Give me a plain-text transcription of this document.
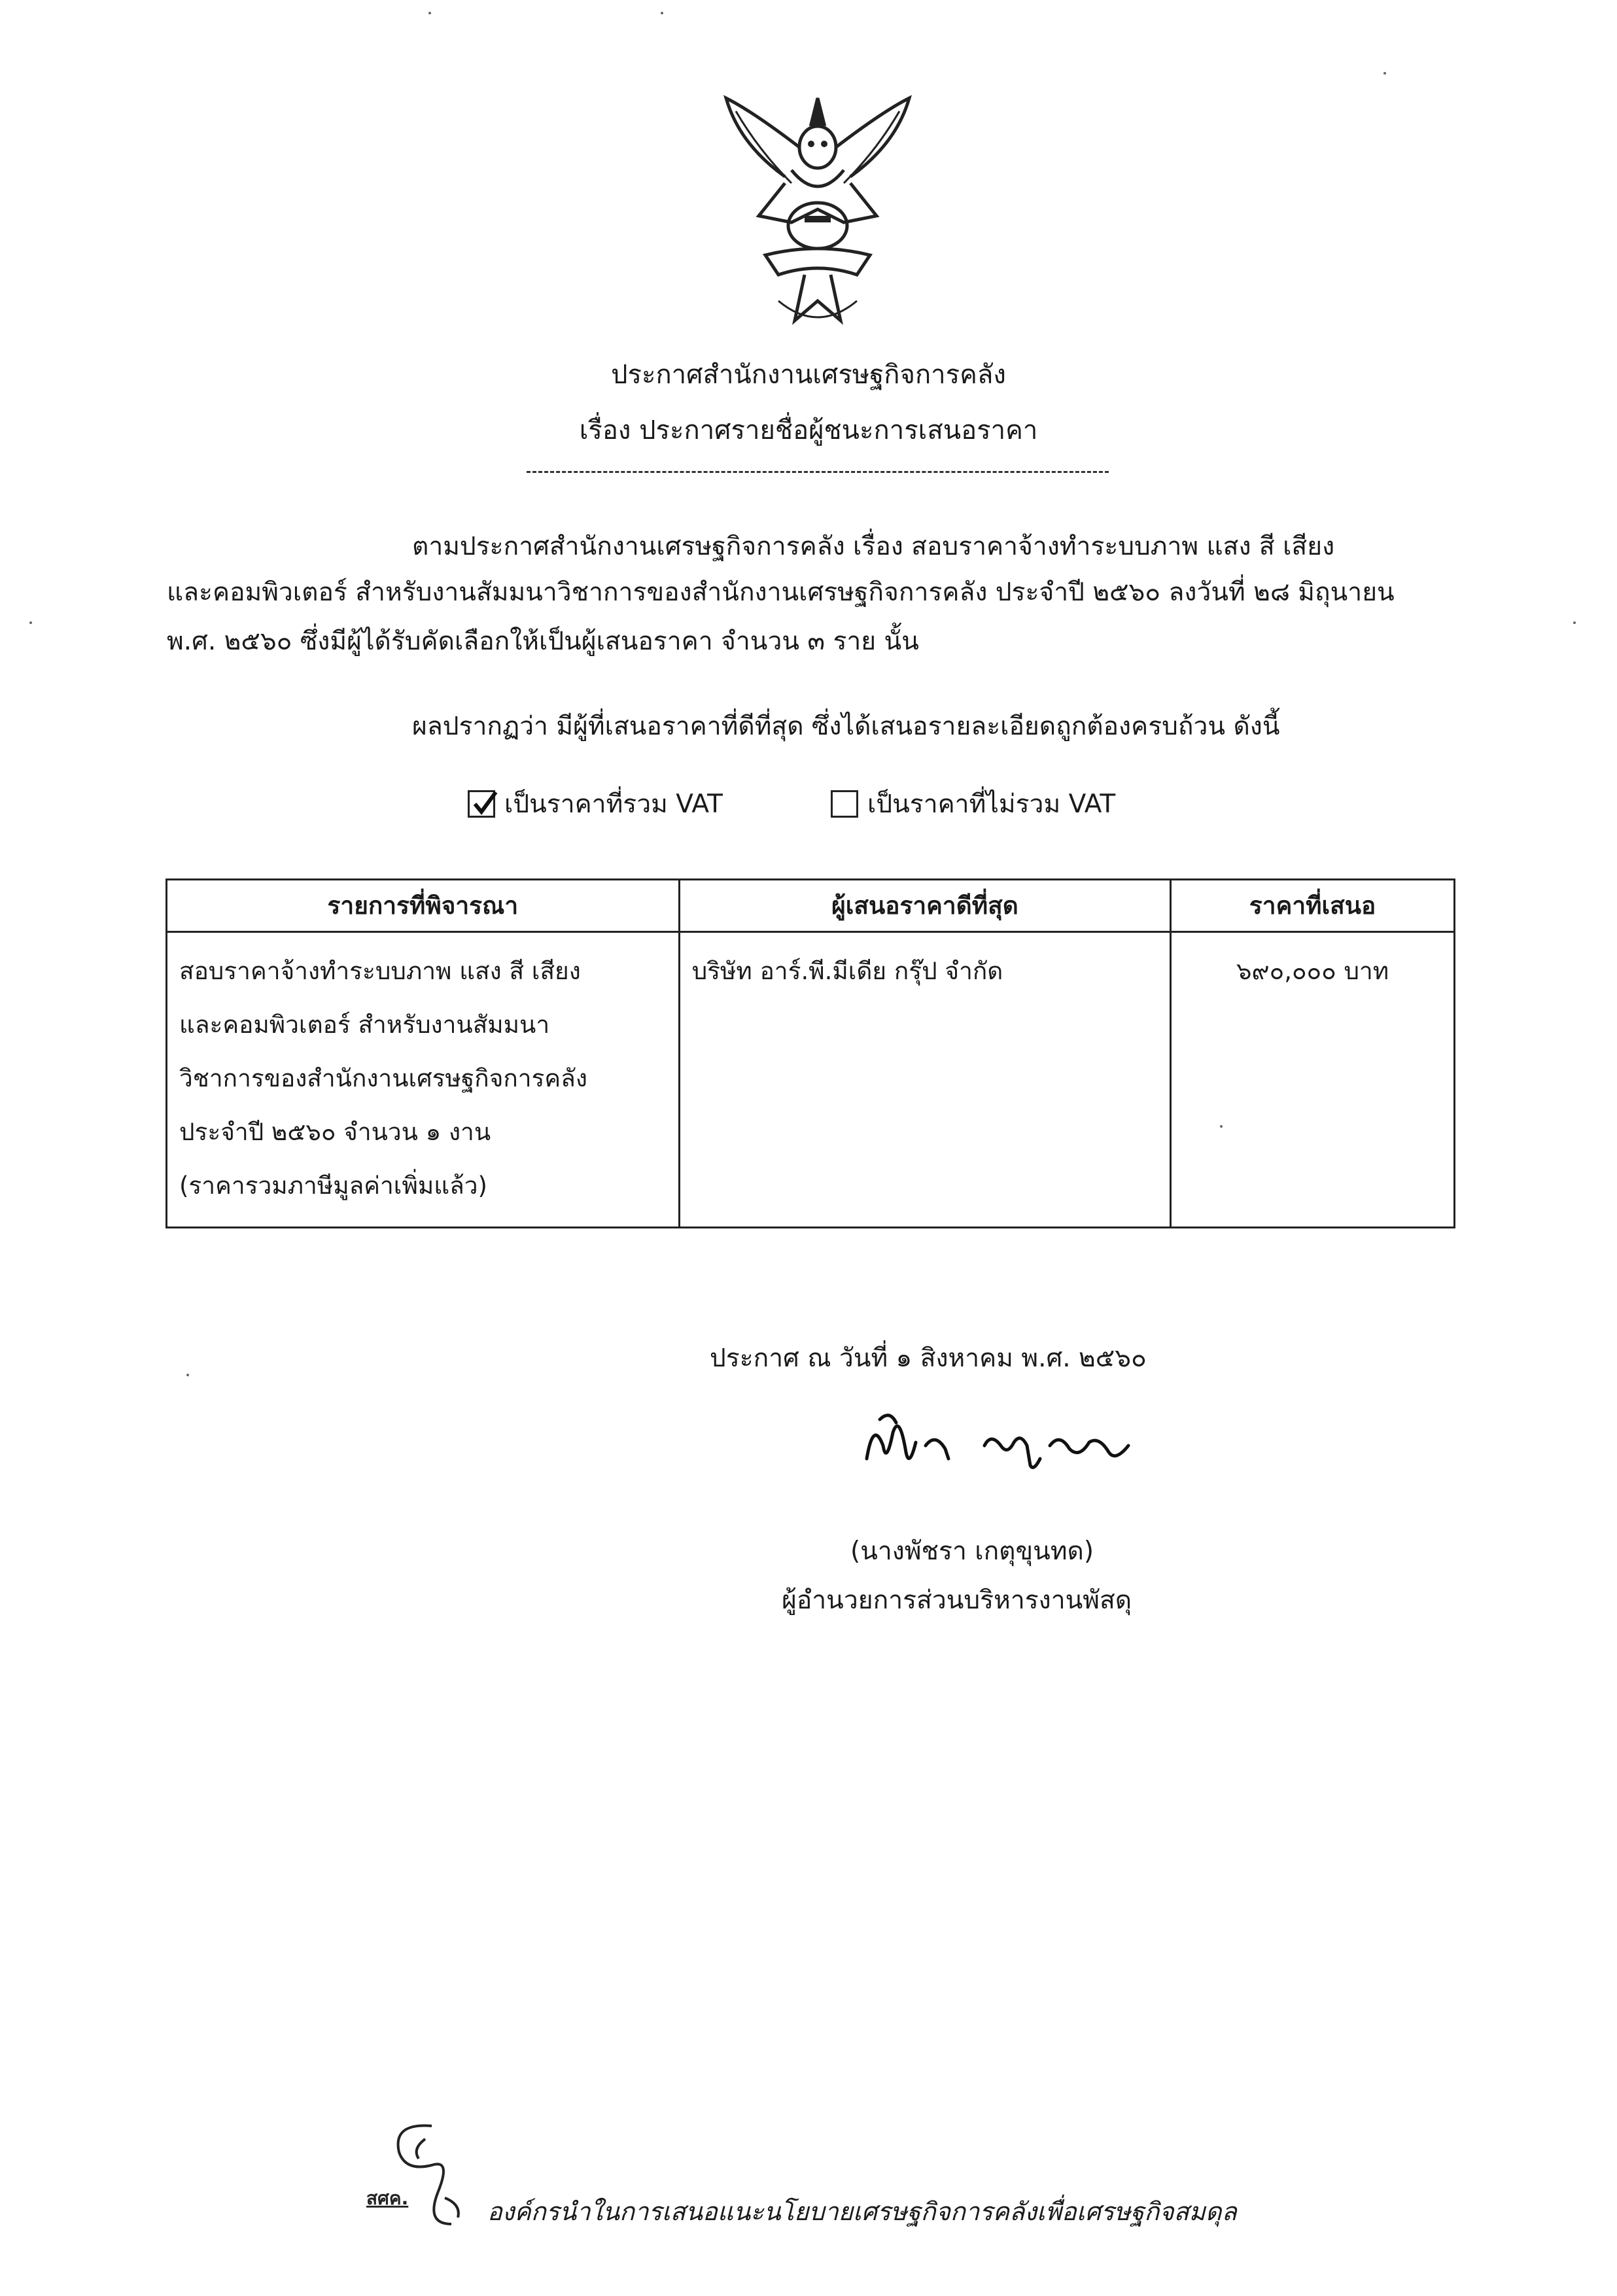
ประกาศสำนักงานเศรษฐกิจการคลัง
เรื่อง ประกาศรายชื่อผู้ชนะการเสนอราคา
ตามประกาศสำนักงานเศรษฐกิจการคลัง เรื่อง สอบราคาจ้างทำระบบภาพ แสง สี เสียง
และคอมพิวเตอร์ สำหรับงานสัมมนาวิชาการของสำนักงานเศรษฐกิจการคลัง ประจำปี ๒๕๖๐ ลงวันที่ ๒๘ มิถุนายน
พ.ศ. ๒๕๖๐ ซึ่งมีผู้ได้รับคัดเลือกให้เป็นผู้เสนอราคา จำนวน ๓ ราย นั้น
ผลปรากฏว่า มีผู้ที่เสนอราคาที่ดีที่สุด ซึ่งได้เสนอรายละเอียดถูกต้องครบถ้วน ดังนี้
เป็นราคาที่รวม VAT	เป็นราคาที่ไม่รวม VAT
รายการที่พิจารณา	ผู้เสนอราคาดีที่สุด	ราคาที่เสนอ

สอบราคาจ้างทำระบบภาพ แสง สี เสียง
และคอมพิวเตอร์ สำหรับงานสัมมนา
วิชาการของสำนักงานเศรษฐกิจการคลัง
ประจำปี ๒๕๖๐ จำนวน ๑ งาน
(ราคารวมภาษีมูลค่าเพิ่มแล้ว)	บริษัท อาร์.พี.มีเดีย กรุ๊ป จำกัด	๖๙๐,๐๐๐ บาท
ประกาศ ณ วันที่ ๑ สิงหาคม พ.ศ. ๒๕๖๐
(นางพัชรา เกตุขุนทด)
ผู้อำนวยการส่วนบริหารงานพัสดุ
สศค.	องค์กรนำในการเสนอแนะนโยบายเศรษฐกิจการคลังเพื่อเศรษฐกิจสมดุล
